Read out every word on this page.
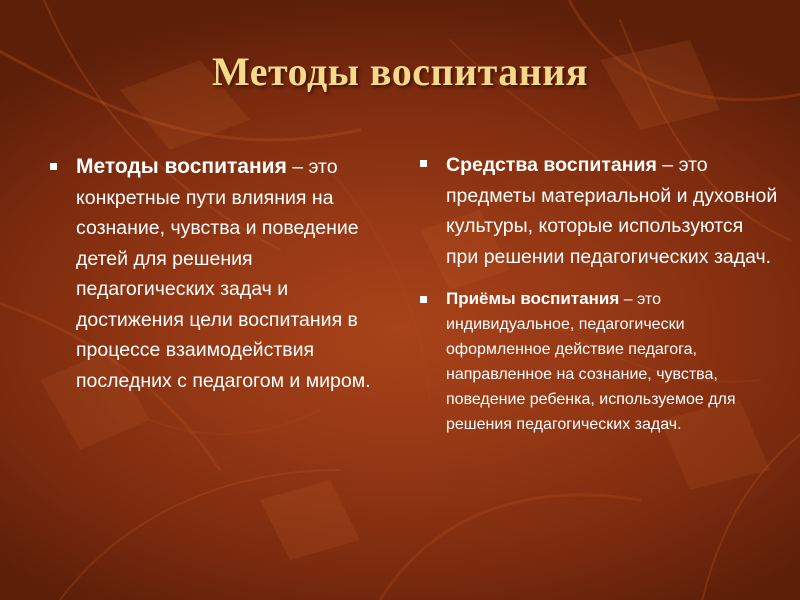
Методы воспитания
Методы воспитания – это конкретные пути влияния на сознание, чувства и поведение детей для решения педагогических задач и достижения цели воспитания в процессе взаимодействия последних с педагогом и миром.
Средства воспитания – это предметы материальной и духовной культуры, которые используются при решении педагогических задач.
Приёмы воспитания – это индивидуальное, педагогически оформленное действие педагога, направленное на сознание, чувства, поведение ребенка, используемое для решения педагогических задач.
